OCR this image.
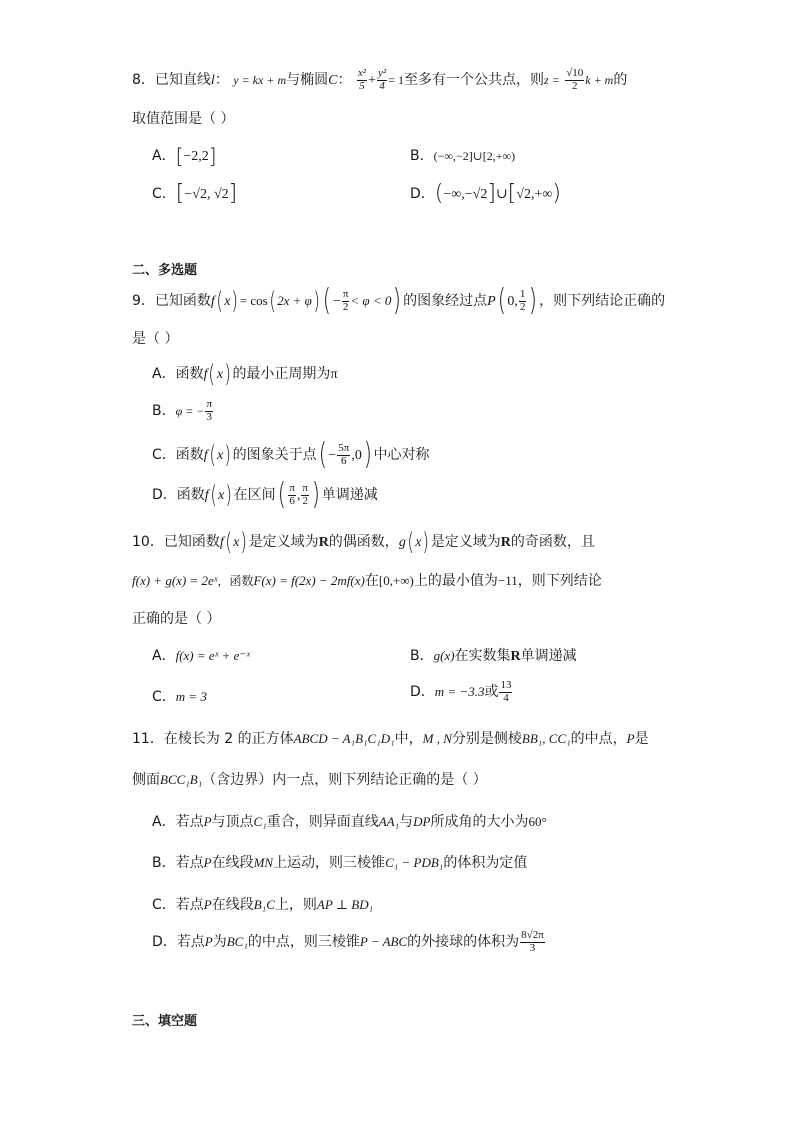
8．已知直线l： y = kx + m与椭圆C： $\frac{\text{x²}}{5} + \frac{\text{y²}}{4} = 1$至多有一个公共点，则$z = \frac{√10}{2}$ k + m的
取值范围是（ ）
A．[−2,2]	B．(−∞,−2]∪[2,+∞)
C．[−√2, √2]	D．(−∞,−√2]∪[√2,+∞)
二、多选题
9．已知函数f(x)= cos(2x + φ) ( − $\frac{\pi}{2} < \varphi < 0$) 的图象经过点P( 0, $\frac{1}{2}$ ) ，则下列结论正确的
是（ ）
A．函数f(x)的最小正周期为π
B．φ = − $\frac{\pi}{3}$
C．函数f(x)的图象关于点( − $\frac{5\pi}{6} ,0$) 中心对称
D．函数f(x)在区间( $\frac{\pi}{6}$ , $\frac{\pi}{2}$ ) 单调递减
10．已知函数f(x)是定义域为R的偶函数，g(x)是定义域为R的奇函数，且
f(x) + g(x) = 2eˣ，函数F(x) = f(2x) − 2mf(x)在[0,+∞)上的最小值为−11，则下列结论
正确的是（ ）
A．f(x) = eˣ + e⁻ˣ	B．g(x)在实数集R单调递减
C．m = 3	D．m = −3.3或 $\frac{13}{4}$
11．在棱长为 2 的正方体ABCD − A₁B₁C₁D₁中，M , N分别是侧棱BB₁, CC₁的中点，P是
侧面BCC₁B₁（含边界）内一点，则下列结论正确的是（ ）
A．若点P与顶点C₁重合，则异面直线AA₁与DP所成角的大小为60°
B．若点P在线段MN上运动，则三棱锥C₁ − PDB₁的体积为定值
C．若点P在线段B₁C上，则AP ⊥ BD₁
D．若点P为BC₁的中点，则三棱锥P − ABC的外接球的体积为 $\frac{8√2\pi}{3}$
三、填空题
